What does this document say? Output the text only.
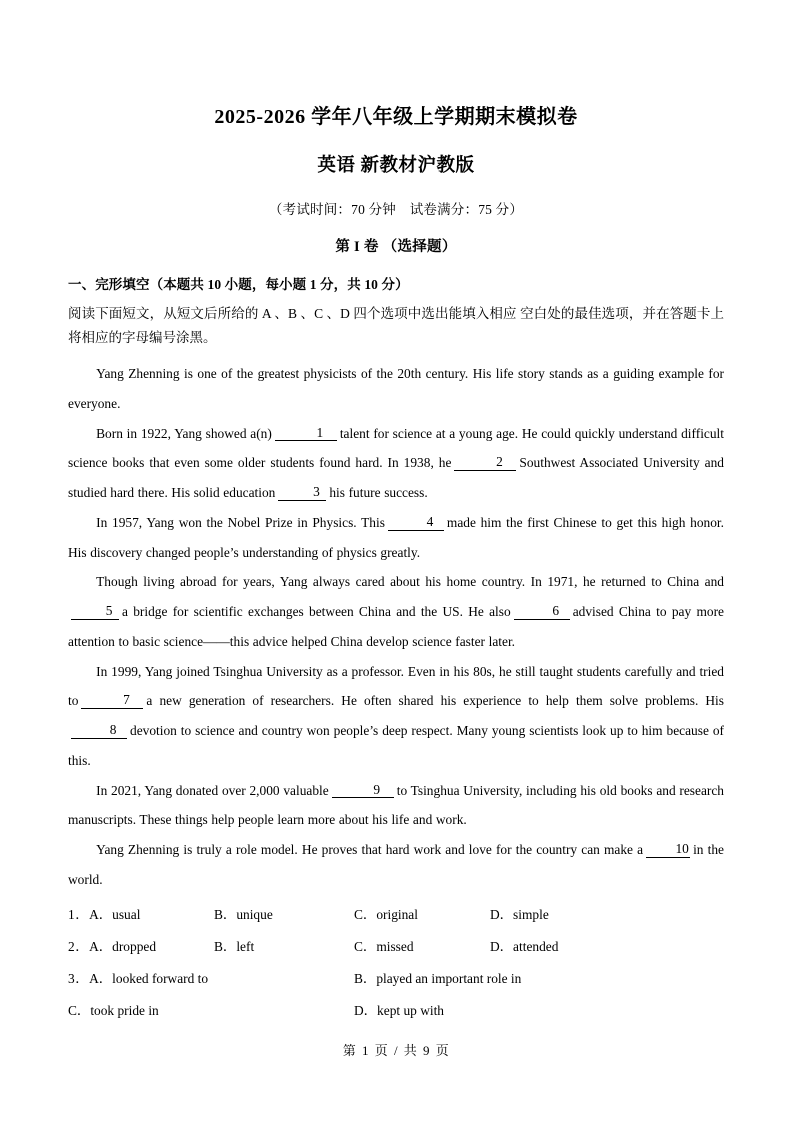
2025-2026 学年八年级上学期期末模拟卷
英语 新教材沪教版
（考试时间：70 分钟　试卷满分：75 分）
第 I 卷 （选择题）
一、完形填空（本题共 10 小题，每小题 1 分，共 10 分）
阅读下面短文，从短文后所给的 A 、B 、C 、D 四个选项中选出能填入相应 空白处的最佳选项，并在答题卡上将相应的字母编号涂黑。

Yang Zhenning is one of the greatest physicists of the 20th century. His life story stands as a guiding example for everyone.

Born in 1922, Yang showed a(n)	1 talent for science at a young age. He could quickly understand difficult science books that even some older students found hard. In 1938, he	2 Southwest Associated University and studied hard there. His solid education	3 his future success.

In 1957, Yang won the Nobel Prize in Physics. This	4 made him the first Chinese to get this high honor. His discovery changed people’s understanding of physics greatly.

Though living abroad for years, Yang always cared about his home country. In 1971, he returned to China and5 a bridge for scientific exchanges between China and the US. He also	6 advised China to pay more attention to basic science——this advice helped China develop science faster later.

In 1999, Yang joined Tsinghua University as a professor. Even in his 80s, he still taught students carefully and tried to	7 a new generation of researchers. He often shared his experience to help them solve problems. His8 devotion to science and country won people’s deep respect. Many young scientists look up to him because of this.

In 2021, Yang donated over 2,000 valuable	9 to Tsinghua University, including his old books and research manuscripts. These things help people learn more about his life and work.

Yang Zhenning is truly a role model. He proves that hard work and love for the country can make a 10 in the world.

1．A．usual	B．unique	C．original	D．simple
2．A．dropped	B．left	C．missed	D．attended
3．A．looked forward to	B．played an important role in
C．took pride in	D．kept up with
第 1 页 / 共 9 页
